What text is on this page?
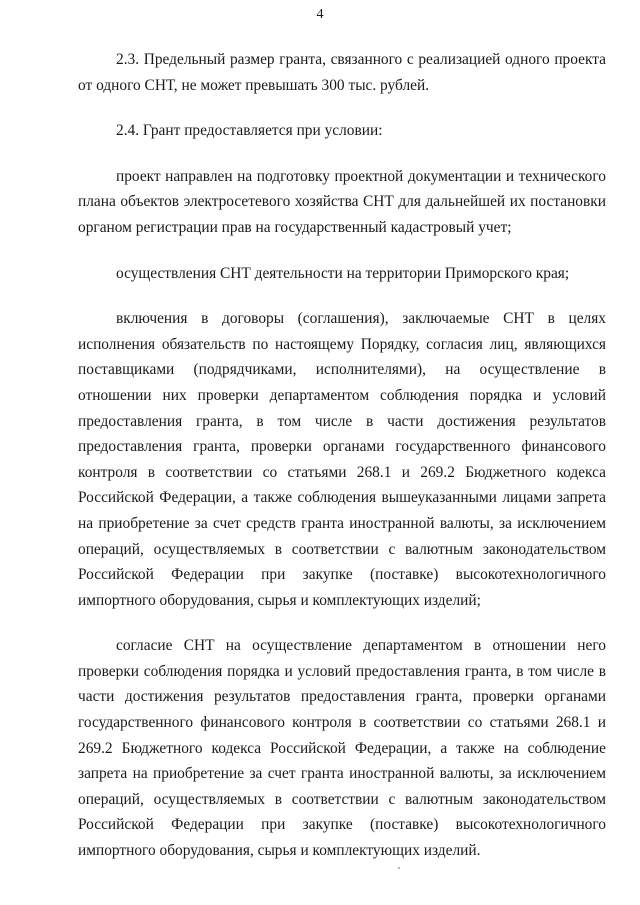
4

2.3. Предельный размер гранта, связанного с реализацией одного проекта от одного СНТ, не может превышать 300 тыс. рублей.

2.4. Грант предоставляется при условии:

проект направлен на подготовку проектной документации и технического плана объектов электросетевого хозяйства СНТ для дальнейшей их постановки органом регистрации прав на государственный кадастровый учет;

осуществления СНТ деятельности на территории Приморского края;

включения в договоры (соглашения), заключаемые СНТ в целях исполнения обязательств по настоящему Порядку, согласия лиц, являющихся поставщиками (подрядчиками, исполнителями), на осуществление в отношении них проверки департаментом соблюдения порядка и условий предоставления гранта, в том числе в части достижения результатов предоставления гранта, проверки органами государственного финансового контроля в соответствии со статьями 268.1 и 269.2 Бюджетного кодекса Российской Федерации, а также соблюдения вышеуказанными лицами запрета на приобретение за счет средств гранта иностранной валюты, за исключением операций, осуществляемых в соответствии с валютным законодательством Российской Федерации при закупке (поставке) высокотехнологичного импортного оборудования, сырья и комплектующих изделий;

согласие СНТ на осуществление департаментом в отношении него проверки соблюдения порядка и условий предоставления гранта, в том числе в части достижения результатов предоставления гранта, проверки органами государственного финансового контроля в соответствии со статьями 268.1 и 269.2 Бюджетного кодекса Российской Федерации, а также на соблюдение запрета на приобретение за счет гранта иностранной валюты, за исключением операций, осуществляемых в соответствии с валютным законодательством Российской Федерации при закупке (поставке) высокотехнологичного импортного оборудования, сырья и комплектующих изделий.
